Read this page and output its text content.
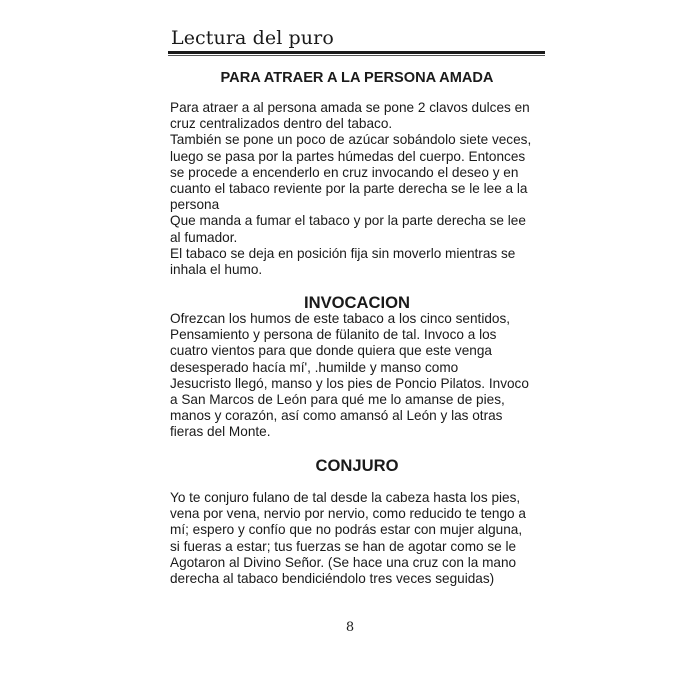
Lectura del puro
PARA ATRAER A LA PERSONA AMADA

Para atraer a al persona amada se pone 2 clavos dulces en
cruz centralizados dentro del tabaco.
También se pone un poco de azúcar sobándolo siete veces,
luego se pasa por la partes húmedas del cuerpo. Entonces
se procede a encenderlo en cruz invocando el deseo y en
cuanto el tabaco reviente por la parte derecha se le lee a la
persona
Que manda a fumar el tabaco y por la parte derecha se lee
al fumador.
El tabaco se deja en posición fija sin moverlo mientras se
inhala el humo.

INVOCACION

Ofrezcan los humos de este tabaco a los cinco sentidos,
Pensamiento y persona de fülanito de tal. Invoco a los
cuatro vientos para que donde quiera que este venga
desesperado hacía mí', .humilde y manso como
Jesucristo llegó, manso y los pies de Poncio Pilatos. Invoco
a San Marcos de León para qué me lo amanse de pies,
manos y corazón, así como amansó al León y las otras
fieras del Monte.

CONJURO

Yo te conjuro fulano de tal desde la cabeza hasta los pies,
vena por vena, nervio por nervio, como reducido te tengo a
mí; espero y confío que no podrás estar con mujer alguna,
si fueras a estar; tus fuerzas se han de agotar como se le
Agotaron al Divino Señor. (Se hace una cruz con la mano
derecha al tabaco bendiciéndolo tres veces seguidas)

8
